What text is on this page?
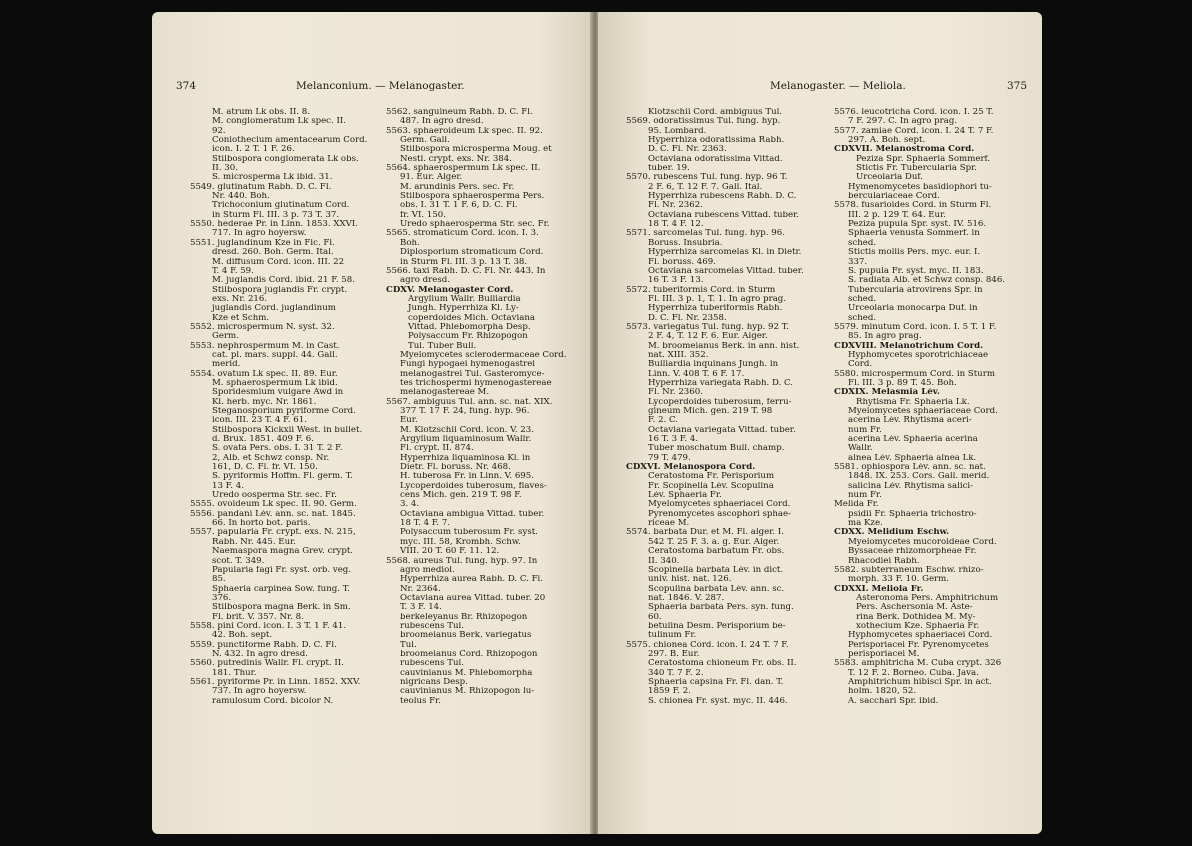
374	Melanconium. — Melanogaster.
M. atrum Lk obs. II. 8.
M. conglomeratum Lk spec. II.
92.
Coniothecium amentacearum Cord.
icon. I. 2 T. 1 F. 26.
Stilbospora conglomerata Lk obs.
II. 30.
S. microsperma Lk ibid. 31.
5549. glutinatum Rabh. D. C. Fl.
Nr. 440. Boh.
Trichoconium glutinatum Cord.
in Sturm Fl. III. 3 p. 73 T. 37.
5550. hederae Pr. in Linn. 1853. XXVI.
717. In agro hoyersw.
5551. juglandinum Kze in Flc. Fl.
dresd. 260. Boh. Germ. Ital.
M. diffusum Cord. icon. III. 22
T. 4 F. 59.
M. juglandis Cord. ibid. 21 F. 58.
Stilbospora juglandis Fr. crypt.
exs. Nr. 216.
juglandis Cord. juglandinum
Kze et Schm.
5552. microspermum N. syst. 32.
Germ.
5553. nephrospermum M. in Cast.
cat. pl. mars. suppl. 44. Gall.
merid.
5554. ovatum Lk spec. II. 89. Eur.
M. sphaerospermum Lk ibid.
Sporidesmium vulgare Awd in
Kl. herb. myc. Nr. 1861.
Steganosporium pyriforme Cord.
icon. III. 23 T. 4 F. 61.
Stilbospora Kickxii West. in bullet.
d. Brux. 1851. 409 F. 6.
S. ovata Pers. obs. I. 31 T. 2 F.
2, Alb. et Schwz consp. Nr.
161, D. C. Fl. fr. VI. 150.
S. pyriformis Hoffm. Fl. germ. T.
13 F. 4.
Uredo oosperma Str. sec. Fr.
5555. ovoideum Lk spec. II. 90. Germ.
5556. pandani Lév. ann. sc. nat. 1845.
66. In horto bot. paris.
5557. papularia Fr. crypt. exs. N. 215,
Rabh. Nr. 445. Eur.
Naemaspora magna Grev. crypt.
scot. T. 349.
Papularia fagi Fr. syst. orb. veg.
85.
Sphaeria carpinea Sow. fung. T.
376.
Stilbospora magna Berk. in Sm.
Fl. brit. V. 357. Nr. 8.
5558. pini Cord. icon. I. 3 T. 1 F. 41.
42. Boh. sept.
5559. punctiforme Rabh. D. C. Fl.
N. 432. In agro dresd.
5560. putredinis Wallr. Fl. crypt. II.
181. Thur.
5561. pyriforme Pr. in Linn. 1852. XXV.
737. In agro hoyersw.
ramulosum Cord. bicolor N.
5562. sanguineum Rabh. D. C. Fl.
487. In agro dresd.
5563. sphaeroideum Lk spec. II. 92.
Germ. Gall.
Stilbospora microsperma Moug. et
Nestl. crypt. exs. Nr. 384.
5564. sphaerospermum Lk spec. II.
91. Eur. Alger.
M. arundinis Pers. sec. Fr.
Stilbospora sphaerosperma Pers.
obs. I. 31 T. 1 F. 6, D. C. Fl.
fr. VI. 150.
Uredo sphaerosperma Str. sec. Fr.
5565. stromaticum Cord. icon. I. 3.
Boh.
Diplosporium stromaticum Cord.
in Sturm Fl. III. 3 p. 13 T. 38.
5566. taxi Rabh. D. C. Fl. Nr. 443. In
agro dresd.
CDXV. Melanogaster Cord.
Argylium Wallr. Bulliardia
Jungh. Hyperrhiza Kl. Ly-
coperdoides Mich. Octaviana
Vittad. Phlebomorpha Desp.
Polysaccum Fr. Rhizopogon
Tul. Tuber Bull.
Myelomycetes sclerodermaceae Cord.
Fungi hypogaei hymenogastrei
melanogastrei Tul. Gasteromyce-
tes trichospermi hymenogastereae
melanogastereae M.
5567. ambiguus Tul. ann. sc. nat. XIX.
377 T. 17 F. 24, fung. hyp. 96.
Eur.
M. Klotzschii Cord. icon. V. 23.
Argylium liquaminosum Wallr.
Fl. crypt. II. 874.
Hyperrhiza liquaminosa Kl. in
Dietr. Fl. boruss. Nr. 468.
H. tuberosa Fr. in Linn. V. 695.
Lycoperdoides tuberosum, flaves-
cens Mich. gen. 219 T. 98 F.
3. 4.
Octaviana ambigua Vittad. tuber.
18 T. 4 F. 7.
Polysaccum tuberosum Fr. syst.
myc. III. 58, Krombh. Schw.
VIII. 20 T. 60 F. 11. 12.
5568. aureus Tul. fung. hyp. 97. In
agro mediol.
Hyperrhiza aurea Rabh. D. C. Fl.
Nr. 2364.
Octaviana aurea Vittad. tuber. 20
T. 3 F. 14.
berkeleyanus Br. Rhizopogon
rubescens Tul.
broomeianus Berk. variegatus
Tul.
broomeianus Cord. Rhizopogon
rubescens Tul.
cauvinianus M. Phlebomorpha
nigricans Desp.
cauvinianus M. Rhizopogon lu-
teolus Fr.
Melanogaster. — Meliola.	375
Klotzschii Cord. ambiguus Tul.
5569. odoratissimus Tul. fung. hyp.
95. Lombard.
Hyperrhiza odoratissima Rabh.
D. C. Fl. Nr. 2363.
Octaviana odoratissima Vittad.
tuber. 19.
5570. rubescens Tul. fung. hyp. 96 T.
2 F. 6, T. 12 F. 7. Gall. Ital.
Hyperrhiza rubescens Rabh. D. C.
Fl. Nr. 2362.
Octaviana rubescens Vittad. tuber.
18 T. 4 F. 12.
5571. sarcomelas Tul. fung. hyp. 96.
Boruss. Insubria.
Hyperrhiza sarcomelas Kl. in Dietr.
Fl. boruss. 469.
Octaviana sarcomelas Vittad. tuber.
16 T. 3 F. 13.
5572. tuberiformis Cord. in Sturm
Fl. III. 3 p. 1, T. 1. In agro prag.
Hyperrhiza tuberiformis Rabh.
D. C. Fl. Nr. 2358.
5573. variegatus Tul. fung. hyp. 92 T.
2 F. 4, T. 12 F. 6. Eur. Alger.
M. broomeianus Berk. in ann. hist.
nat. XIII. 352.
Bulliardia inquinans Jungh. in
Linn. V. 408 T. 6 F. 17.
Hyperrhiza variegata Rabh. D. C.
Fl. Nr. 2360.
Lycoperdoides tuberosum, ferru-
gineum Mich. gen. 219 T. 98
F. 2. C.
Octaviana variegata Vittad. tuber.
16 T. 3 F. 4.
Tuber moschatum Bull. champ.
79 T. 479.
CDXVI. Melanospora Cord.
Ceratostoma Fr. Perisporium
Fr. Scopinella Lév. Scopulina
Lév. Sphaeria Fr.
Myelomycetes sphaeriacei Cord.
Pyrenomycetes ascophori sphae-
riceae M.
5574. barbata Dur. et M. Fl. alger. I.
542 T. 25 F. 3. a. g. Eur. Alger.
Ceratostoma barbatum Fr. obs.
II. 340.
Scopinella barbata Lév. in dict.
univ. hist. nat. 126.
Scopulina barbata Lév. ann. sc.
nat. 1846. V. 287.
Sphaeria barbata Pers. syn. fung.
60.
betulina Desm. Perisporium be-
tulinum Fr.
5575. chionea Cord. icon. I. 24 T. 7 F.
297. B. Eur.
Ceratostoma chioneum Fr. obs. II.
340 T. 7 F. 2.
Sphaeria capsina Fr. Fl. dan. T.
1859 F. 2.
S. chionea Fr. syst. myc. II. 446.
5576. leucotricha Cord. icon. I. 25 T.
7 F. 297. C. In agro prag.
5577. zamiae Cord. icon. I. 24 T. 7 F.
297. A. Boh. sept.
CDXVII. Melanostroma Cord.
Peziza Spr. Sphaeria Sommerf.
Stictis Fr. Tubercularia Spr.
Urceolaria Duf.
Hymenomycetes basidiophori tu-
berculariaceae Cord.
5578. fusarioides Cord. in Sturm Fl.
III. 2 p. 129 T. 64. Eur.
Peziza pupula Spr. syst. IV. 516.
Sphaeria venusta Sommerf. in
sched.
Stictis mollis Pers. myc. eur. I.
337.
S. pupula Fr. syst. myc. II. 183.
S. radiata Alb. et Schwz consp. 846.
Tubercularia atrovirens Spr. in
sched.
Urceolaria monocarpa Duf. in
sched.
5579. minutum Cord. icon. I. 5 T. 1 F.
85. In agro prag.
CDXVIII. Melanotrichum Cord.
Hyphomycetes sporotrichiaceae
Cord.
5580. microspermum Cord. in Sturm
Fl. III. 3 p. 89 T. 45. Boh.
CDXIX. Melasmia Lév.
Rhytisma Fr. Sphaeria Lk.
Myelomycetes sphaeriaceae Cord.
acerina Lév. Rhytisma aceri-
num Fr.
acerina Lév. Sphaeria acerina
Wallr.
alnea Lév. Sphaeria alnea Lk.
5581. ophiospora Lév. ann. sc. nat.
1848. IX. 253. Cors. Gall. merid.
salicina Lév. Rhytisma salici-
num Fr.
Melida Fr.
psidii Fr. Sphaeria trichostro-
ma Kze.
CDXX. Melidium Eschw.
Myelomycetes mucoroideae Cord.
Byssaceae rhizomorpheae Fr.
Rhacodiei Rabh.
5582. subterraneum Eschw. rhizo-
morph. 33 F. 10. Germ.
CDXXI. Meliola Fr.
Asteronoma Pers. Amphitrichum
Pers. Aschersonia M. Aste-
rina Berk. Dothidea M. My-
xothecium Kze. Sphaeria Fr.
Hyphomycetes sphaeriacei Cord.
Perisporiacei Fr. Pyrenomycetes
perisporiacei M.
5583. amphitricha M. Cuba crypt. 326
T. 12 F. 2. Borneo. Cuba. Java.
Amphitrichum hibisci Spr. in act.
holm. 1820, 52.
A. sacchari Spr. ibid.
